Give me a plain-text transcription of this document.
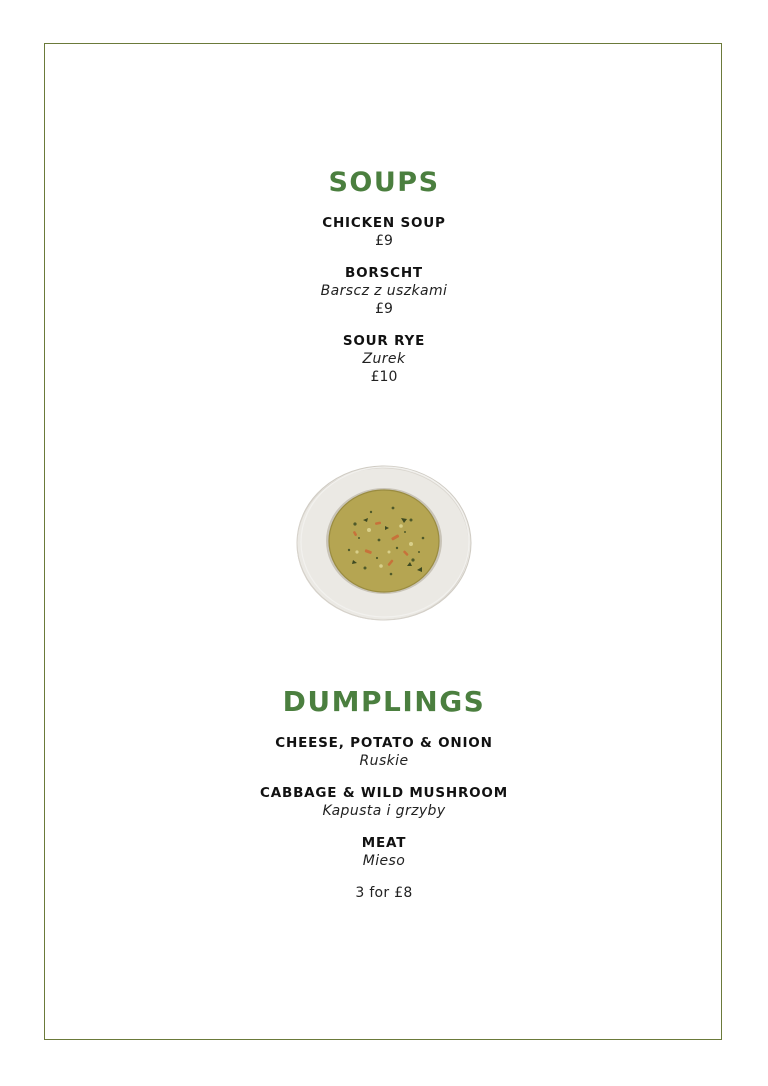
SOUPS
CHICKEN SOUP
£9
BORSCHT
Barscz z uszkami
£9
SOUR RYE
Zurek
£10
DUMPLINGS
CHEESE, POTATO & ONION
Ruskie
CABBAGE & WILD MUSHROOM
Kapusta i grzyby
MEAT
Mieso
3 for £8
